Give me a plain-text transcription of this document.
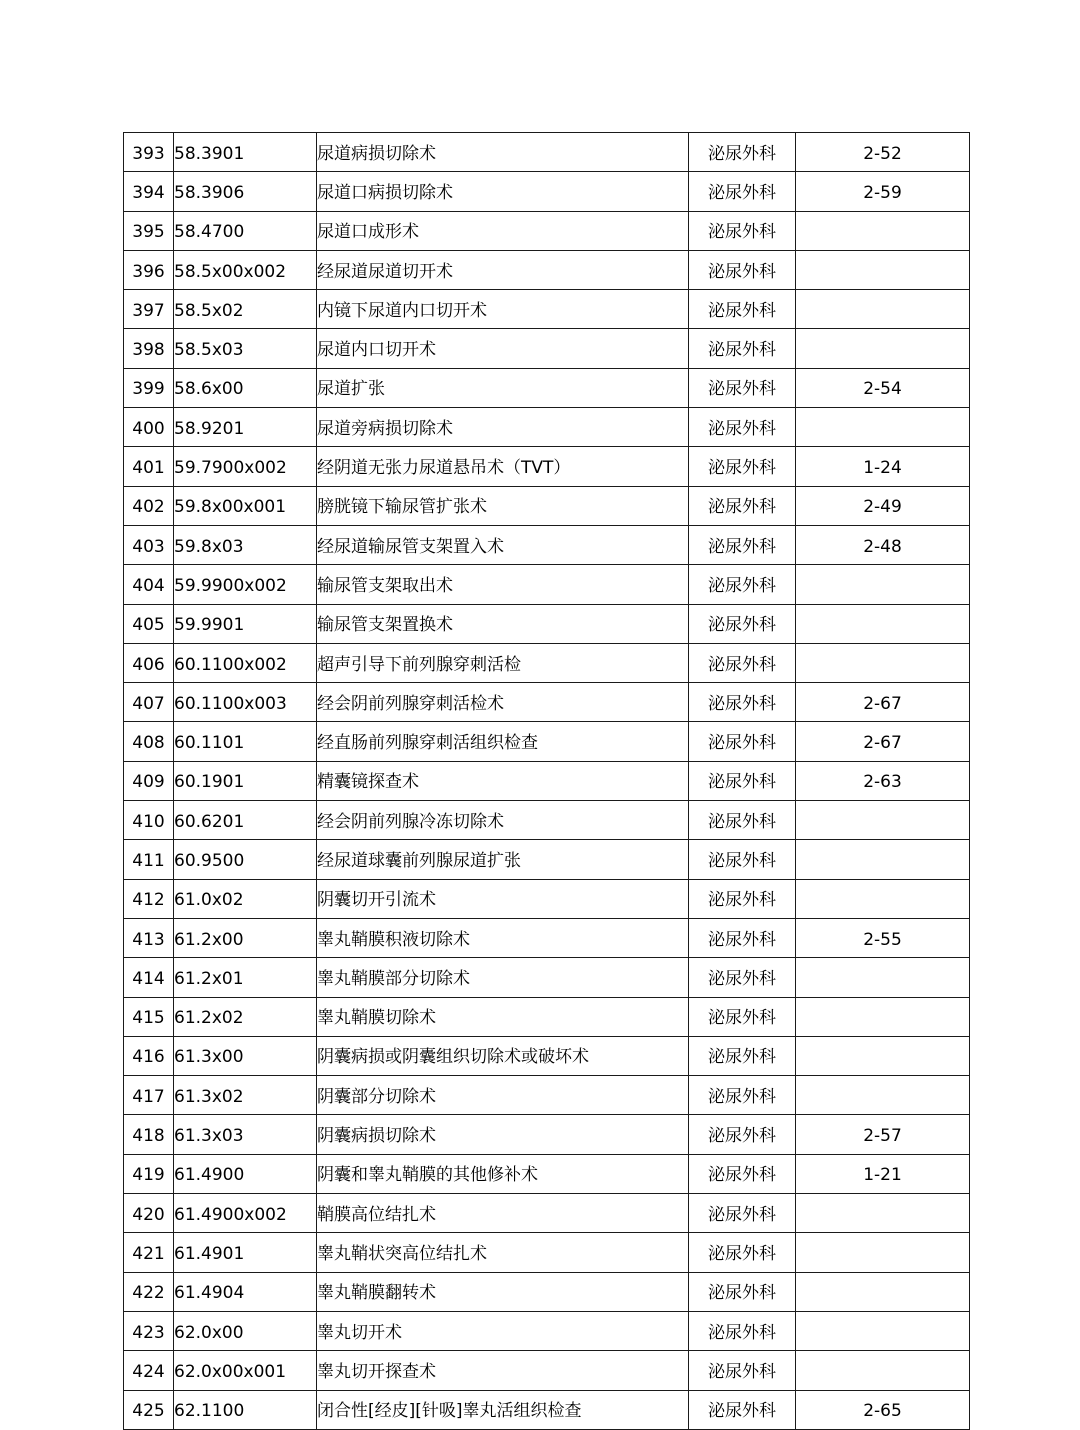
393	58.3901	尿道病损切除术	泌尿外科	2-52
394	58.3906	尿道口病损切除术	泌尿外科	2-59
395	58.4700	尿道口成形术	泌尿外科	
396	58.5x00x002	经尿道尿道切开术	泌尿外科	
397	58.5x02	内镜下尿道内口切开术	泌尿外科	
398	58.5x03	尿道内口切开术	泌尿外科	
399	58.6x00	尿道扩张	泌尿外科	2-54
400	58.9201	尿道旁病损切除术	泌尿外科	
401	59.7900x002	经阴道无张力尿道悬吊术（TVT）	泌尿外科	1-24
402	59.8x00x001	膀胱镜下输尿管扩张术	泌尿外科	2-49
403	59.8x03	经尿道输尿管支架置入术	泌尿外科	2-48
404	59.9900x002	输尿管支架取出术	泌尿外科	
405	59.9901	输尿管支架置换术	泌尿外科	
406	60.1100x002	超声引导下前列腺穿刺活检	泌尿外科	
407	60.1100x003	经会阴前列腺穿刺活检术	泌尿外科	2-67
408	60.1101	经直肠前列腺穿刺活组织检查	泌尿外科	2-67
409	60.1901	精囊镜探查术	泌尿外科	2-63
410	60.6201	经会阴前列腺冷冻切除术	泌尿外科	
411	60.9500	经尿道球囊前列腺尿道扩张	泌尿外科	
412	61.0x02	阴囊切开引流术	泌尿外科	
413	61.2x00	睾丸鞘膜积液切除术	泌尿外科	2-55
414	61.2x01	睾丸鞘膜部分切除术	泌尿外科	
415	61.2x02	睾丸鞘膜切除术	泌尿外科	
416	61.3x00	阴囊病损或阴囊组织切除术或破坏术	泌尿外科	
417	61.3x02	阴囊部分切除术	泌尿外科	
418	61.3x03	阴囊病损切除术	泌尿外科	2-57
419	61.4900	阴囊和睾丸鞘膜的其他修补术	泌尿外科	1-21
420	61.4900x002	鞘膜高位结扎术	泌尿外科	
421	61.4901	睾丸鞘状突高位结扎术	泌尿外科	
422	61.4904	睾丸鞘膜翻转术	泌尿外科	
423	62.0x00	睾丸切开术	泌尿外科	
424	62.0x00x001	睾丸切开探查术	泌尿外科	
425	62.1100	闭合性[经皮][针吸]睾丸活组织检查	泌尿外科	2-65
